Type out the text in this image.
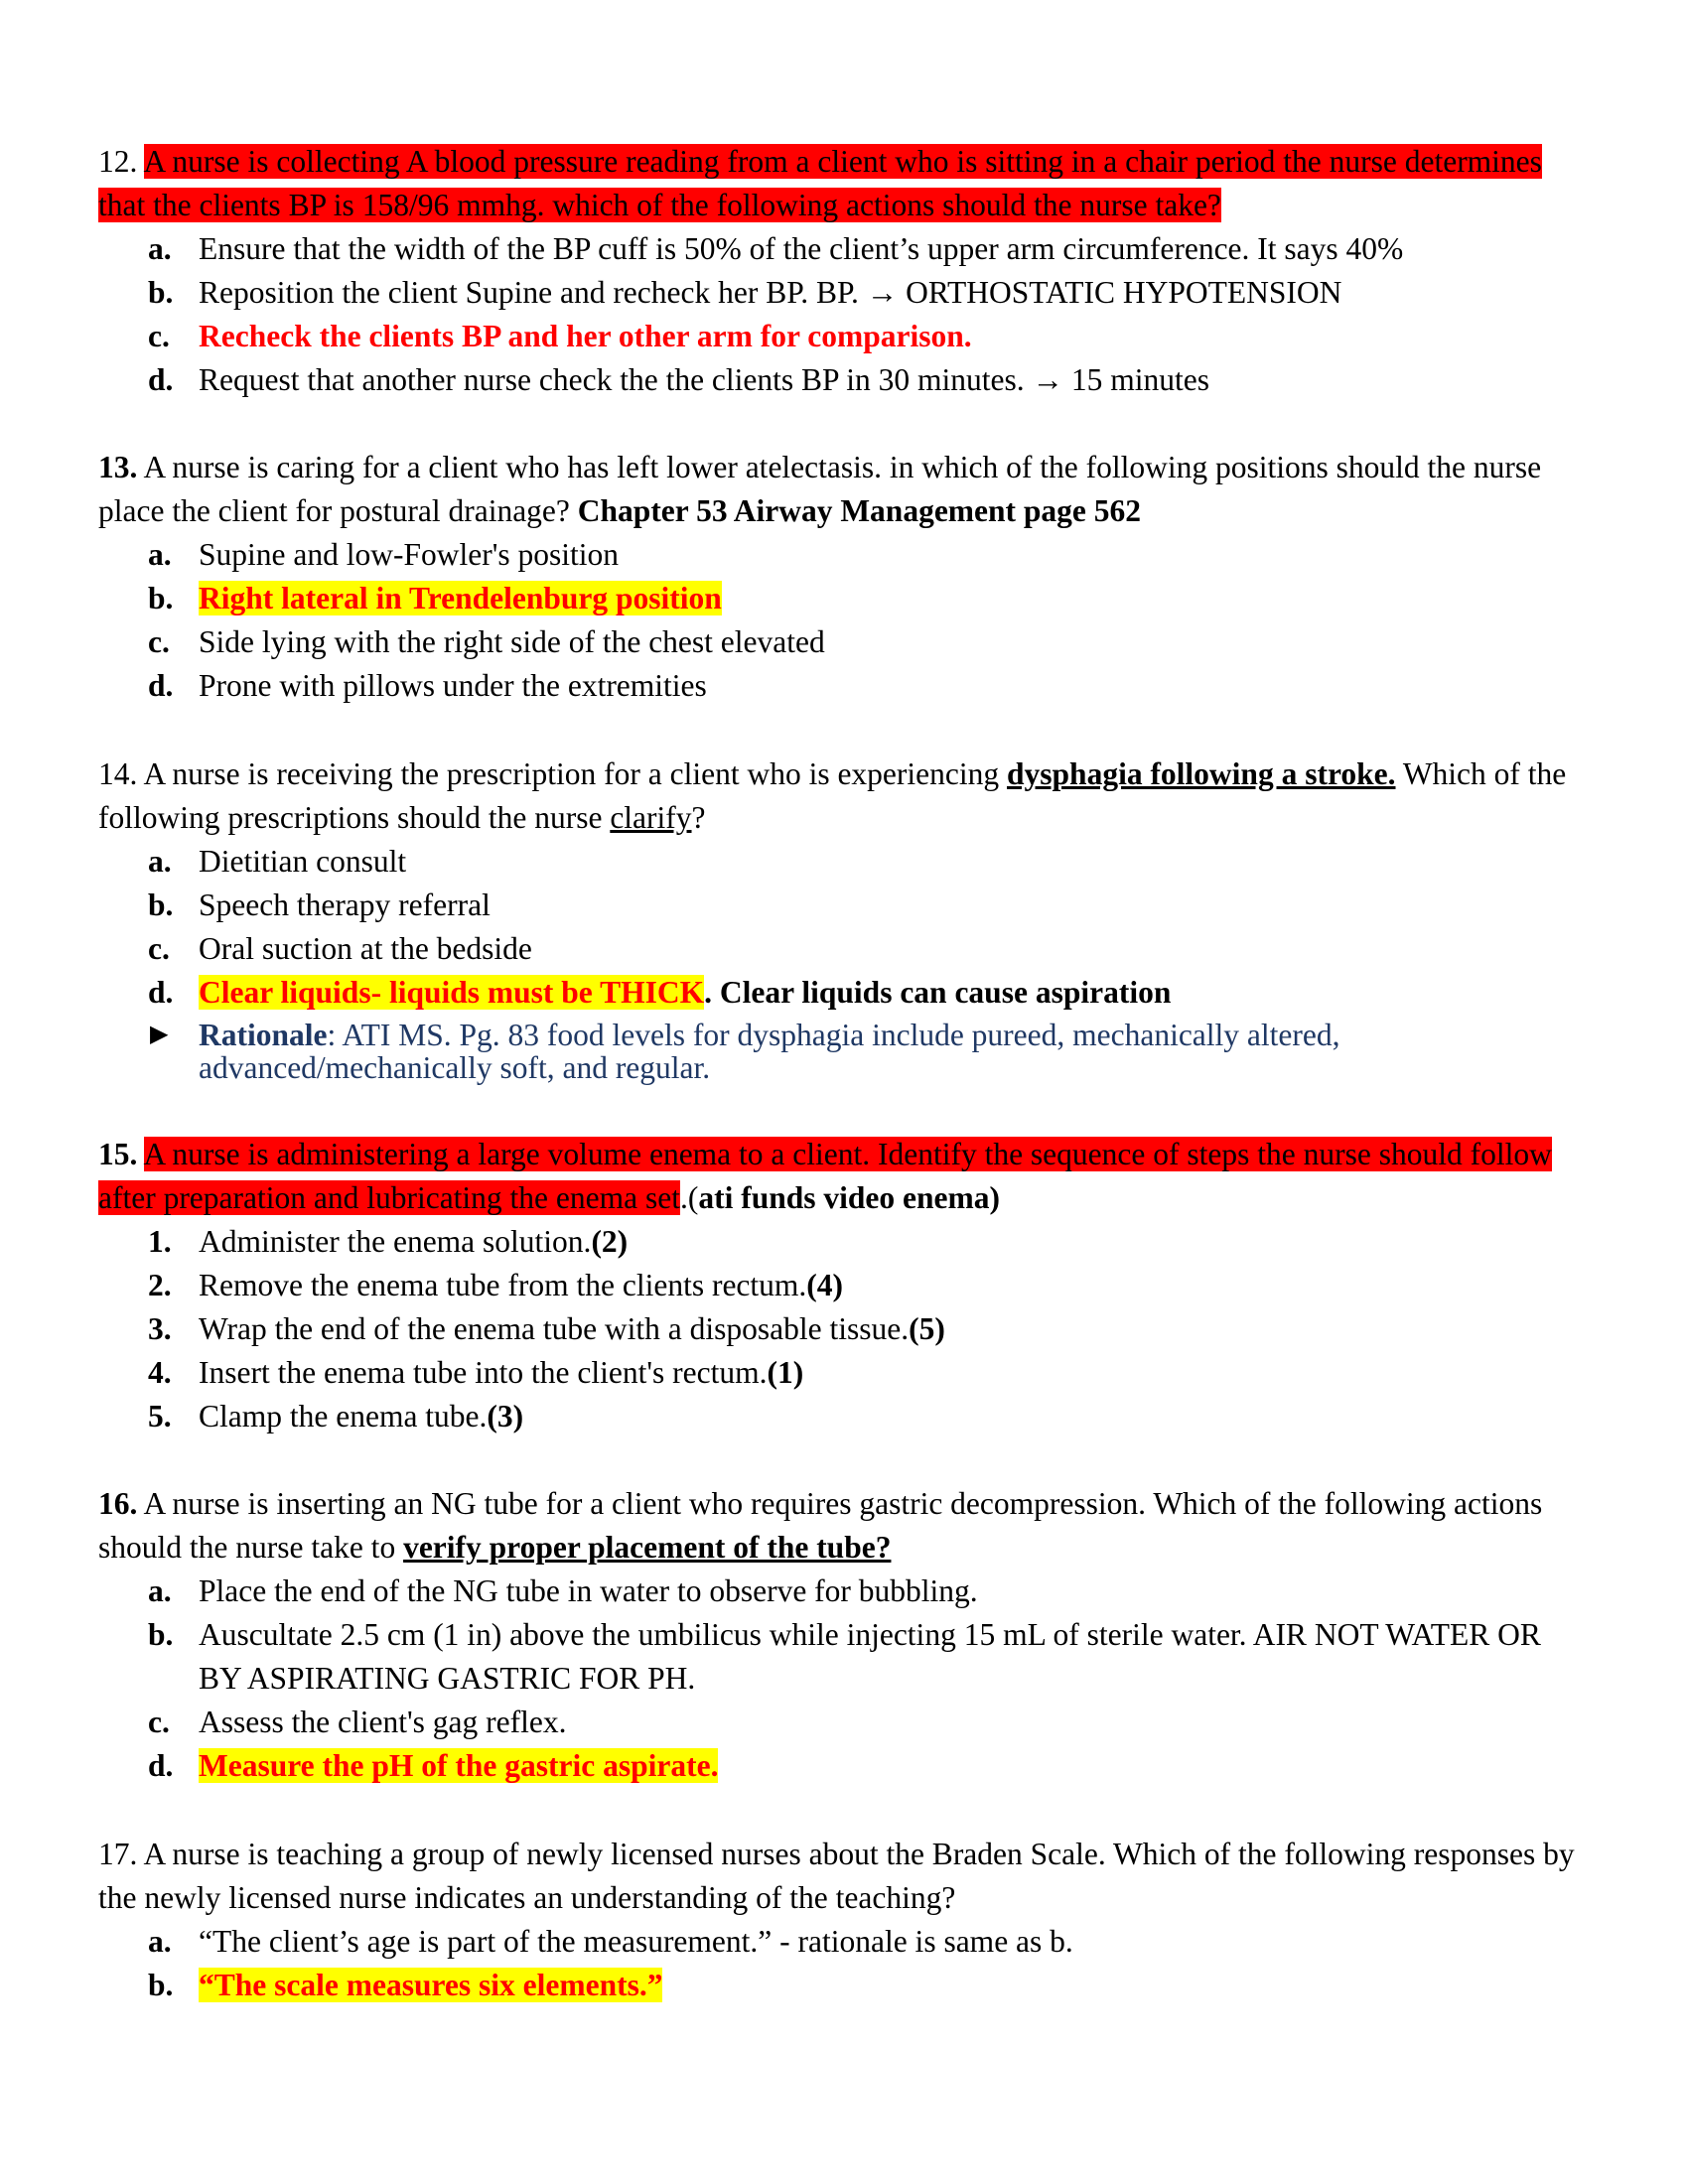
12. A nurse is collecting A blood pressure reading from a client who is sitting in a chair period the nurse determines that the clients BP is 158/96 mmhg. which of the following actions should the nurse take?

a. Ensure that the width of the BP cuff is 50% of the client’s upper arm circumference. It says 40%
b. Reposition the client Supine and recheck her BP. BP. → ORTHOSTATIC HYPOTENSION
c. Recheck the clients BP and her other arm for comparison.
d. Request that another nurse check the the clients BP in 30 minutes. → 15 minutes

13. A nurse is caring for a client who has left lower atelectasis. in which of the following positions should the nurse place the client for postural drainage? Chapter 53 Airway Management page 562

a. Supine and low-Fowler's position
b. Right lateral in Trendelenburg position
c. Side lying with the right side of the chest elevated
d. Prone with pillows under the extremities

14. A nurse is receiving the prescription for a client who is experiencing dysphagia following a stroke. Which of the following prescriptions should the nurse clarify?

a. Dietitian consult
b. Speech therapy referral
c. Oral suction at the bedside
d. Clear liquids- liquids must be THICK. Clear liquids can cause aspiration
▶ Rationale: ATI MS. Pg. 83 food levels for dysphagia include pureed, mechanically altered, advanced/mechanically soft, and regular.

15. A nurse is administering a large volume enema to a client. Identify the sequence of steps the nurse should follow after preparation and lubricating the enema set.(ati funds video enema)

1. Administer the enema solution.(2)
2. Remove the enema tube from the clients rectum.(4)
3. Wrap the end of the enema tube with a disposable tissue.(5)
4. Insert the enema tube into the client's rectum.(1)
5. Clamp the enema tube.(3)

16. A nurse is inserting an NG tube for a client who requires gastric decompression. Which of the following actions should the nurse take to verify proper placement of the tube?

a. Place the end of the NG tube in water to observe for bubbling.
b. Auscultate 2.5 cm (1 in) above the umbilicus while injecting 15 mL of sterile water. AIR NOT WATER OR BY ASPIRATING GASTRIC FOR PH.
c. Assess the client's gag reflex.
d. Measure the pH of the gastric aspirate.

17. A nurse is teaching a group of newly licensed nurses about the Braden Scale. Which of the following responses by the newly licensed nurse indicates an understanding of the teaching?

a. “The client’s age is part of the measurement.” - rationale is same as b.
b. “The scale measures six elements.”
